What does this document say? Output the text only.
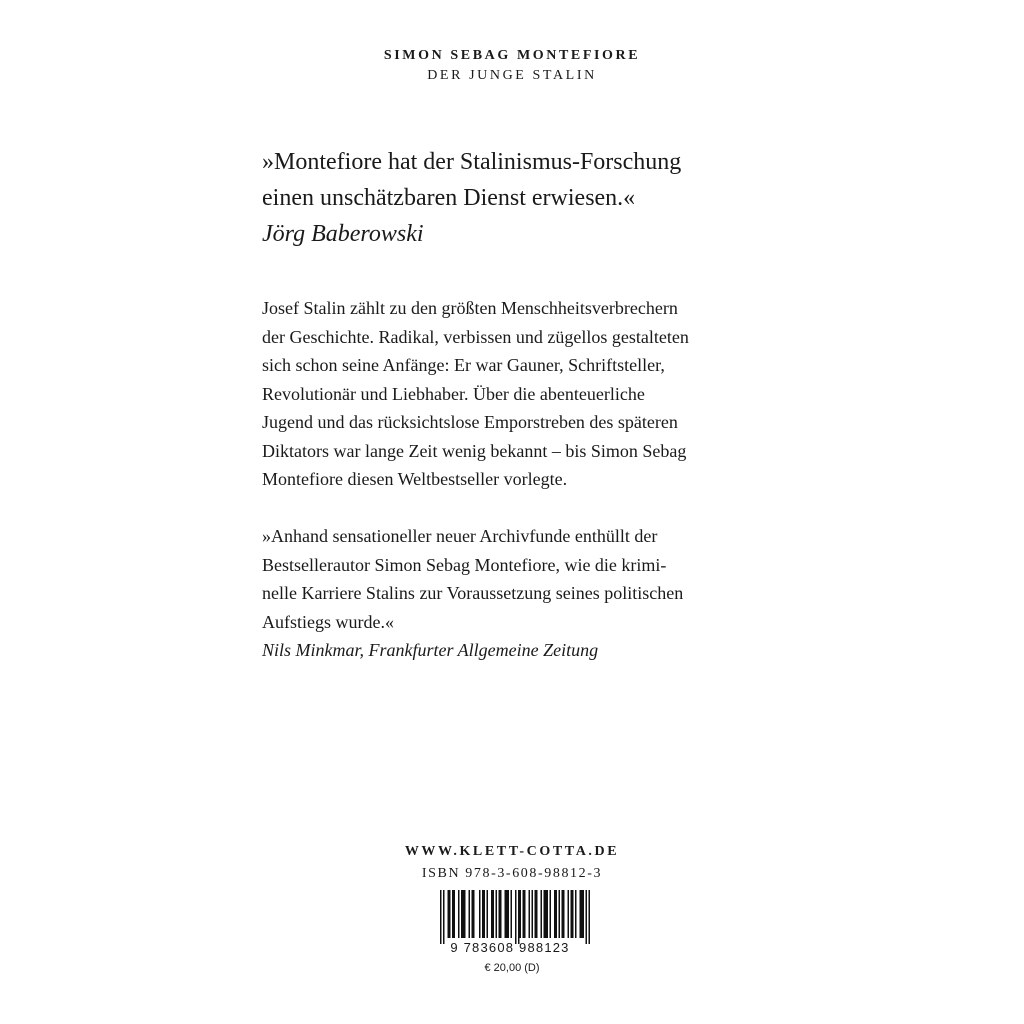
SIMON SEBAG MONTEFIORE
DER JUNGE STALIN
»Montefiore hat der Stalinismus-Forschung
einen unschätzbaren Dienst erwiesen.«
Jörg Baberowski
Josef Stalin zählt zu den größten Menschheitsverbrechern
der Geschichte. Radikal, verbissen und zügellos gestalteten
sich schon seine Anfänge: Er war Gauner, Schriftsteller,
Revolutionär und Liebhaber. Über die abenteuerliche
Jugend und das rücksichtslose Emporstreben des späteren
Diktators war lange Zeit wenig bekannt – bis Simon Sebag
Montefiore diesen Weltbestseller vorlegte.
»Anhand sensationeller neuer Archivfunde enthüllt der
Bestsellerautor Simon Sebag Montefiore, wie die krimi-
nelle Karriere Stalins zur Voraussetzung seines politischen
Aufstiegs wurde.«
Nils Minkmar, Frankfurter Allgemeine Zeitung
WWW.KLETT-COTTA.DE
ISBN 978-3-608-98812-3
9 783608 988123
€ 20,00 (D)
